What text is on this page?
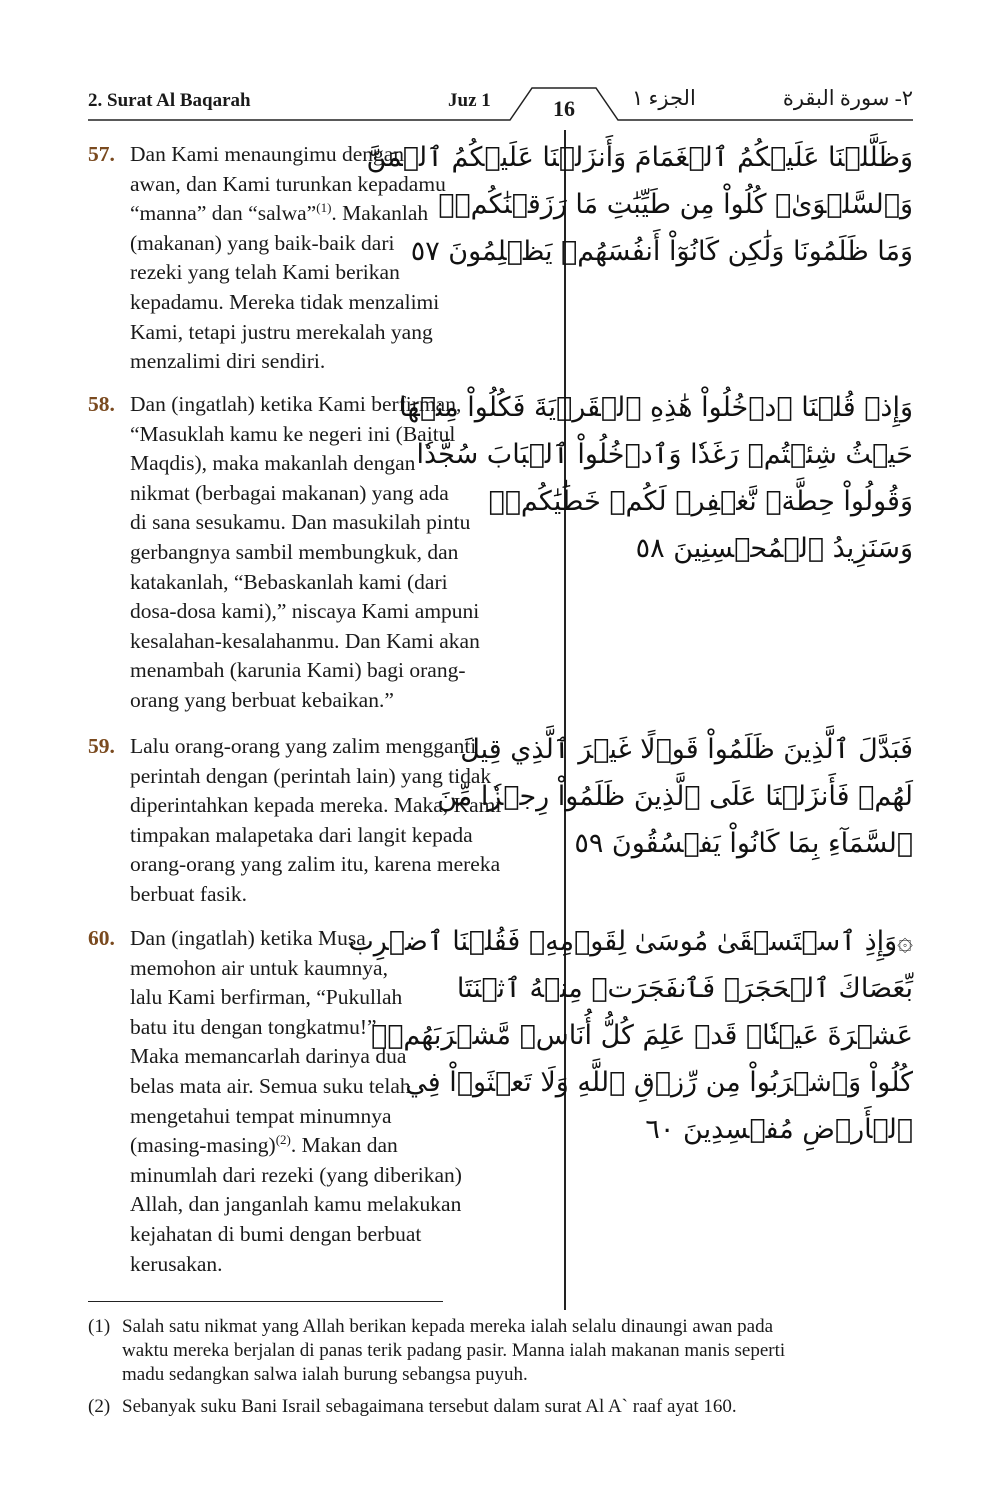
2. Surat Al Baqarah	Juz 1	16	الجزء ١	٢- سورة البقرة
57. Dan Kami menaungimu dengan
awan, dan Kami turunkan kepadamu
“manna” dan “salwa”$^{(1)}$. Makanlah
(makanan) yang baik-baik dari
rezeki yang telah Kami berikan
kepadamu. Mereka tidak menzalimi
Kami, tetapi justru merekalah yang
menzalimi diri sendiri.
وَظَلَّلۡنَا عَلَيۡكُمُ ٱلۡغَمَامَ وَأَنزَلۡنَا عَلَيۡكُمُ ٱلۡمَنَّ
وَٱلسَّلۡوَىٰۖ كُلُواْ مِن طَيِّبَٰتِ مَا رَزَقۡنَٰكُمۡۚ
وَمَا ظَلَمُونَا وَلَٰكِن كَانُوٓاْ أَنفُسَهُمۡ يَظۡلِمُونَ ٥٧
58. Dan (ingatlah) ketika Kami berfirman,
“Masuklah kamu ke negeri ini (Baitul
Maqdis), maka makanlah dengan
nikmat (berbagai makanan) yang ada
di sana sesukamu. Dan masukilah pintu
gerbangnya sambil membungkuk, dan
katakanlah, “Bebaskanlah kami (dari
dosa-dosa kami),” niscaya Kami ampuni
kesalahan-kesalahanmu. Dan Kami akan
menambah (karunia Kami) bagi orang-
orang yang berbuat kebaikan.”
وَإِذۡ قُلۡنَا ٱدۡخُلُواْ هَٰذِهِ ٱلۡقَرۡيَةَ فَكُلُواْ مِنۡهَا
حَيۡثُ شِئۡتُمۡ رَغَدٗا وَٱدۡخُلُواْ ٱلۡبَابَ سُجَّدٗا
وَقُولُواْ حِطَّةٞ نَّغۡفِرۡ لَكُمۡ خَطَٰيَٰكُمۡۚ
وَسَنَزِيدُ ٱلۡمُحۡسِنِينَ ٥٨
59. Lalu orang-orang yang zalim mengganti
perintah dengan (perintah lain) yang tidak
diperintahkan kepada mereka. Maka, Kami
timpakan malapetaka dari langit kepada
orang-orang yang zalim itu, karena mereka
berbuat fasik.
فَبَدَّلَ ٱلَّذِينَ ظَلَمُواْ قَوۡلًا غَيۡرَ ٱلَّذِي قِيلَ
لَهُمۡ فَأَنزَلۡنَا عَلَى ٱلَّذِينَ ظَلَمُواْ رِجۡزٗا مِّنَ
ٱلسَّمَآءِ بِمَا كَانُواْ يَفۡسُقُونَ ٥٩
60. Dan (ingatlah) ketika Musa
memohon air untuk kaumnya,
lalu Kami berfirman, “Pukullah
batu itu dengan tongkatmu!”
Maka memancarlah darinya dua
belas mata air. Semua suku telah
mengetahui tempat minumnya
$(masing-masing)^{(2)}$. Makan dan
minumlah dari rezeki (yang diberikan)
Allah, dan janganlah kamu melakukan
kejahatan di bumi dengan berbuat
kerusakan.
۞وَإِذِ ٱسۡتَسۡقَىٰ مُوسَىٰ لِقَوۡمِهِۦ فَقُلۡنَا ٱضۡرِب
بِّعَصَاكَ ٱلۡحَجَرَۖ فَٱنفَجَرَتۡ مِنۡهُ ٱثۡنَتَا
عَشۡرَةَ عَيۡنٗاۖ قَدۡ عَلِمَ كُلُّ أُنَاسٖ مَّشۡرَبَهُمۡۖ
كُلُواْ وَٱشۡرَبُواْ مِن رِّزۡقِ ٱللَّهِ وَلَا تَعۡثَوۡاْ فِي
ٱلۡأَرۡضِ مُفۡسِدِينَ ٦٠
(1) Salah satu nikmat yang Allah berikan kepada mereka ialah selalu dinaungi awan pada
waktu mereka berjalan di panas terik padang pasir. Manna ialah makanan manis seperti
madu sedangkan salwa ialah burung sebangsa puyuh.
(2) Sebanyak suku Bani Israil sebagaimana tersebut dalam surat Al A` raaf ayat 160.
